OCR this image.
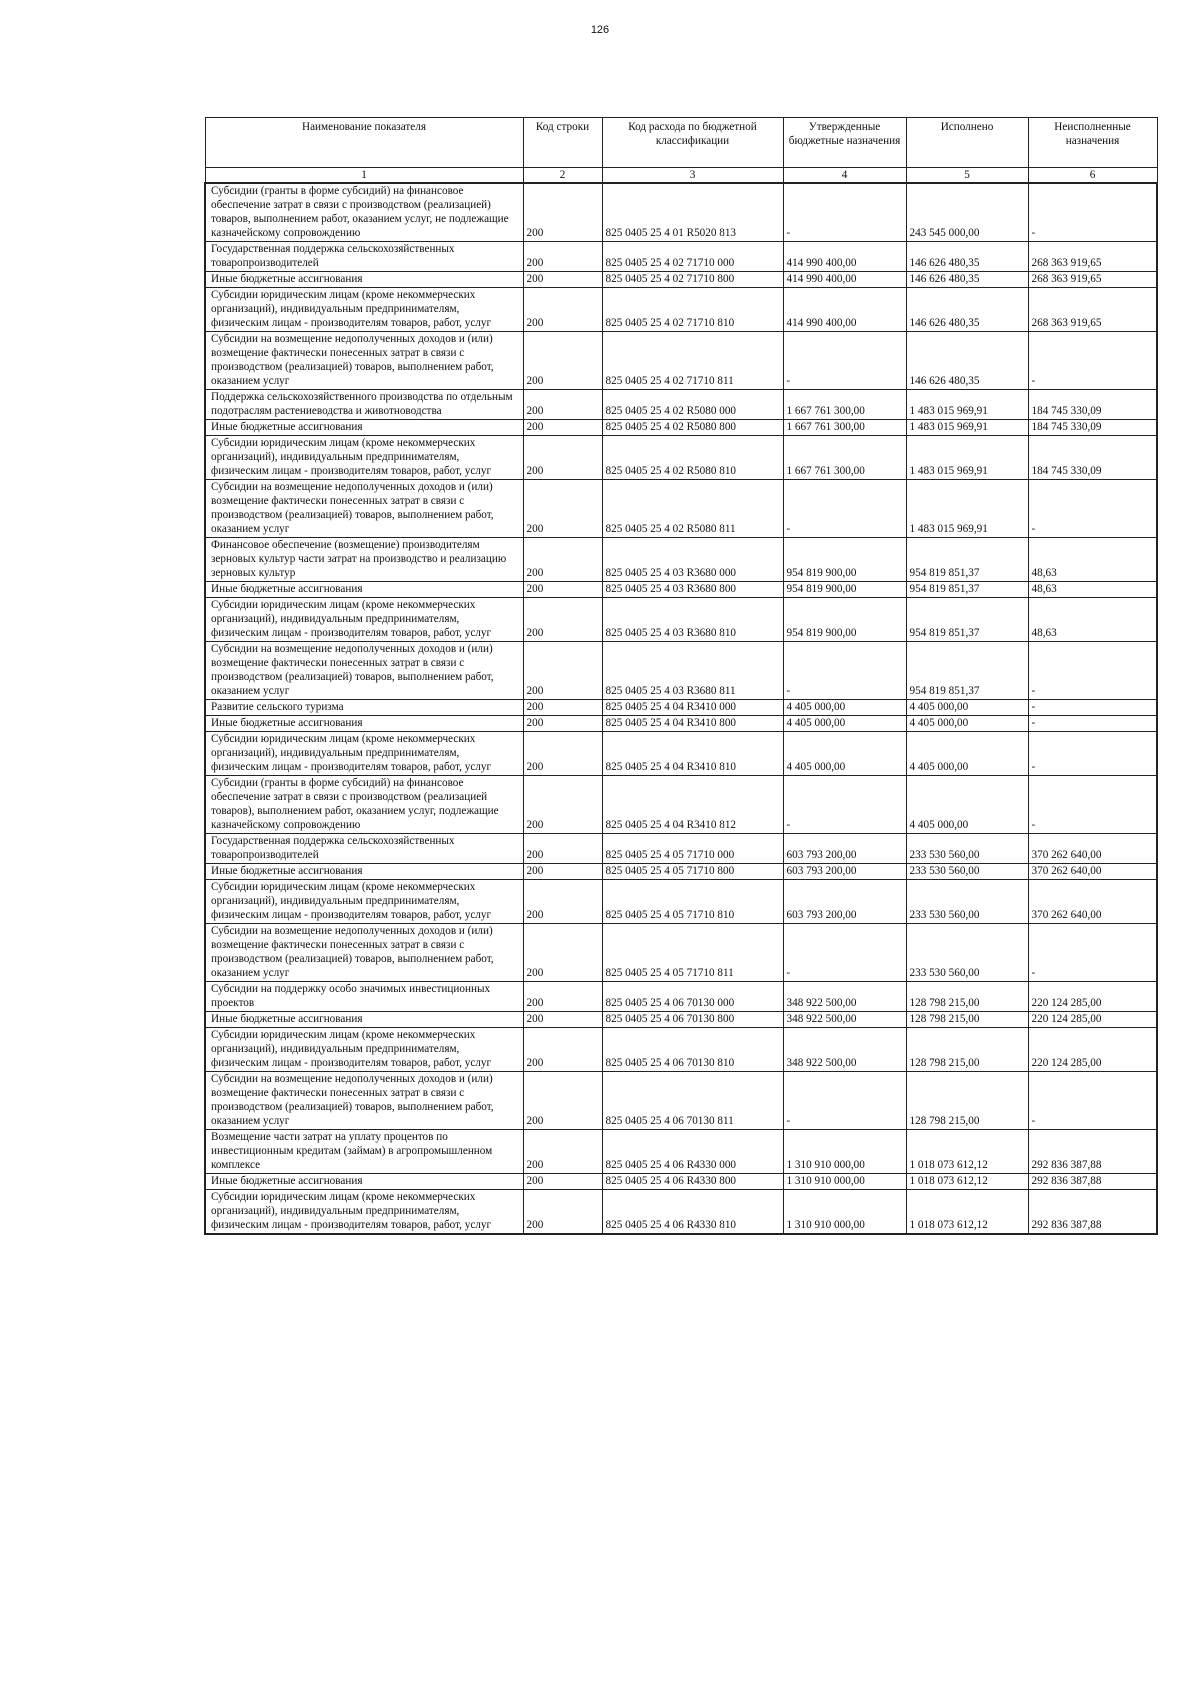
126
Наименование показателя	Код строки	Код расхода по бюджетной классификации	Утвержденные бюджетные назначения	Исполнено	Неисполненные назначения
1	2	3	4	5	6
Субсидии (гранты в форме субсидий) на финансовое обеспечение затрат в связи с производством (реализацией) товаров, выполнением работ, оказанием услуг, не подлежащие казначейскому сопровождению	200	825 0405 25 4 01 R5020 813	-	243 545 000,00	-
Государственная поддержка сельскохозяйственных товаропроизводителей	200	825 0405 25 4 02 71710 000	414 990 400,00	146 626 480,35	268 363 919,65
Иные бюджетные ассигнования	200	825 0405 25 4 02 71710 800	414 990 400,00	146 626 480,35	268 363 919,65
Субсидии юридическим лицам (кроме некоммерческих организаций), индивидуальным предпринимателям, физическим лицам - производителям товаров, работ, услуг	200	825 0405 25 4 02 71710 810	414 990 400,00	146 626 480,35	268 363 919,65
Субсидии на возмещение недополученных доходов и (или) возмещение фактически понесенных затрат в связи с производством (реализацией) товаров, выполнением работ, оказанием услуг	200	825 0405 25 4 02 71710 811	-	146 626 480,35	-
Поддержка сельскохозяйственного производства по отдельным подотраслям растениеводства и животноводства	200	825 0405 25 4 02 R5080 000	1 667 761 300,00	1 483 015 969,91	184 745 330,09
Иные бюджетные ассигнования	200	825 0405 25 4 02 R5080 800	1 667 761 300,00	1 483 015 969,91	184 745 330,09
Субсидии юридическим лицам (кроме некоммерческих организаций), индивидуальным предпринимателям, физическим лицам - производителям товаров, работ, услуг	200	825 0405 25 4 02 R5080 810	1 667 761 300,00	1 483 015 969,91	184 745 330,09
Субсидии на возмещение недополученных доходов и (или) возмещение фактически понесенных затрат в связи с производством (реализацией) товаров, выполнением работ, оказанием услуг	200	825 0405 25 4 02 R5080 811	-	1 483 015 969,91	-
Финансовое обеспечение (возмещение) производителям зерновых культур части затрат на производство и реализацию зерновых культур	200	825 0405 25 4 03 R3680 000	954 819 900,00	954 819 851,37	48,63
Иные бюджетные ассигнования	200	825 0405 25 4 03 R3680 800	954 819 900,00	954 819 851,37	48,63
Субсидии юридическим лицам (кроме некоммерческих организаций), индивидуальным предпринимателям, физическим лицам - производителям товаров, работ, услуг	200	825 0405 25 4 03 R3680 810	954 819 900,00	954 819 851,37	48,63
Субсидии на возмещение недополученных доходов и (или) возмещение фактически понесенных затрат в связи с производством (реализацией) товаров, выполнением работ, оказанием услуг	200	825 0405 25 4 03 R3680 811	-	954 819 851,37	-
Развитие сельского туризма	200	825 0405 25 4 04 R3410 000	4 405 000,00	4 405 000,00	-
Иные бюджетные ассигнования	200	825 0405 25 4 04 R3410 800	4 405 000,00	4 405 000,00	-
Субсидии юридическим лицам (кроме некоммерческих организаций), индивидуальным предпринимателям, физическим лицам - производителям товаров, работ, услуг	200	825 0405 25 4 04 R3410 810	4 405 000,00	4 405 000,00	-
Субсидии (гранты в форме субсидий) на финансовое обеспечение затрат в связи с производством (реализацией товаров), выполнением работ, оказанием услуг, подлежащие казначейскому сопровождению	200	825 0405 25 4 04 R3410 812	-	4 405 000,00	-
Государственная поддержка сельскохозяйственных товаропроизводителей	200	825 0405 25 4 05 71710 000	603 793 200,00	233 530 560,00	370 262 640,00
Иные бюджетные ассигнования	200	825 0405 25 4 05 71710 800	603 793 200,00	233 530 560,00	370 262 640,00
Субсидии юридическим лицам (кроме некоммерческих организаций), индивидуальным предпринимателям, физическим лицам - производителям товаров, работ, услуг	200	825 0405 25 4 05 71710 810	603 793 200,00	233 530 560,00	370 262 640,00
Субсидии на возмещение недополученных доходов и (или) возмещение фактически понесенных затрат в связи с производством (реализацией) товаров, выполнением работ, оказанием услуг	200	825 0405 25 4 05 71710 811	-	233 530 560,00	-
Субсидии на поддержку особо значимых инвестиционных проектов	200	825 0405 25 4 06 70130 000	348 922 500,00	128 798 215,00	220 124 285,00
Иные бюджетные ассигнования	200	825 0405 25 4 06 70130 800	348 922 500,00	128 798 215,00	220 124 285,00
Субсидии юридическим лицам (кроме некоммерческих организаций), индивидуальным предпринимателям, физическим лицам - производителям товаров, работ, услуг	200	825 0405 25 4 06 70130 810	348 922 500,00	128 798 215,00	220 124 285,00
Субсидии на возмещение недополученных доходов и (или) возмещение фактически понесенных затрат в связи с производством (реализацией) товаров, выполнением работ, оказанием услуг	200	825 0405 25 4 06 70130 811	-	128 798 215,00	-
Возмещение части затрат на уплату процентов по инвестиционным кредитам (займам) в агропромышленном комплексе	200	825 0405 25 4 06 R4330 000	1 310 910 000,00	1 018 073 612,12	292 836 387,88
Иные бюджетные ассигнования	200	825 0405 25 4 06 R4330 800	1 310 910 000,00	1 018 073 612,12	292 836 387,88
Субсидии юридическим лицам (кроме некоммерческих организаций), индивидуальным предпринимателям, физическим лицам - производителям товаров, работ, услуг	200	825 0405 25 4 06 R4330 810	1 310 910 000,00	1 018 073 612,12	292 836 387,88
